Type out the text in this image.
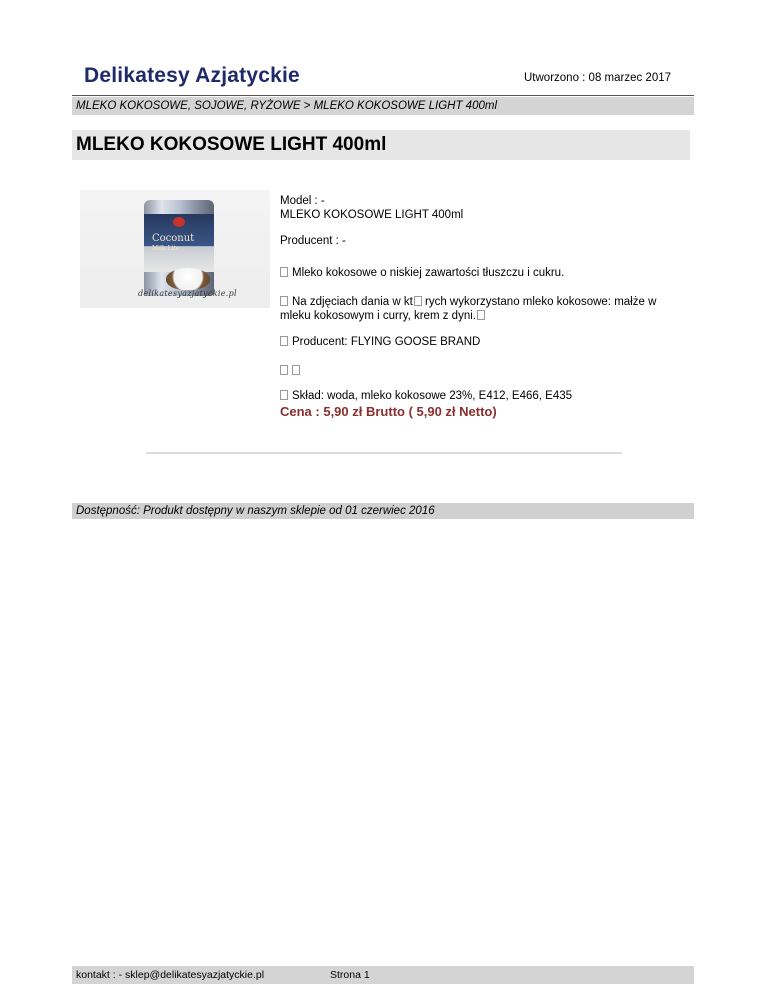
Delikatesy Azjatyckie	Utworzono : 08 marzec 2017
MLEKO KOKOSOWE, SOJOWE, RYŻOWE > MLEKO KOKOSOWE LIGHT 400ml
MLEKO KOKOSOWE LIGHT 400ml
Coconut
Milk Lite
delikatesyazjatyckie.pl
Model : -
MLEKO KOKOSOWE LIGHT 400ml
Producent : -
Mleko kokosowe o niskiej zawartości tłuszczu i cukru.
Na zdjęciach dania w kt rych wykorzystano mleko kokosowe: małże w
mleku kokosowym i curry, krem z dyni.
Producent: FLYING GOOSE BRAND
Skład: woda, mleko kokosowe 23%, E412, E466, E435
Cena : 5,90 zł Brutto ( 5,90 zł Netto)
Dostępność: Produkt dostępny w naszym sklepie od 01 czerwiec 2016
kontakt : - sklep@delikatesyazjatyckie.pl	Strona 1
